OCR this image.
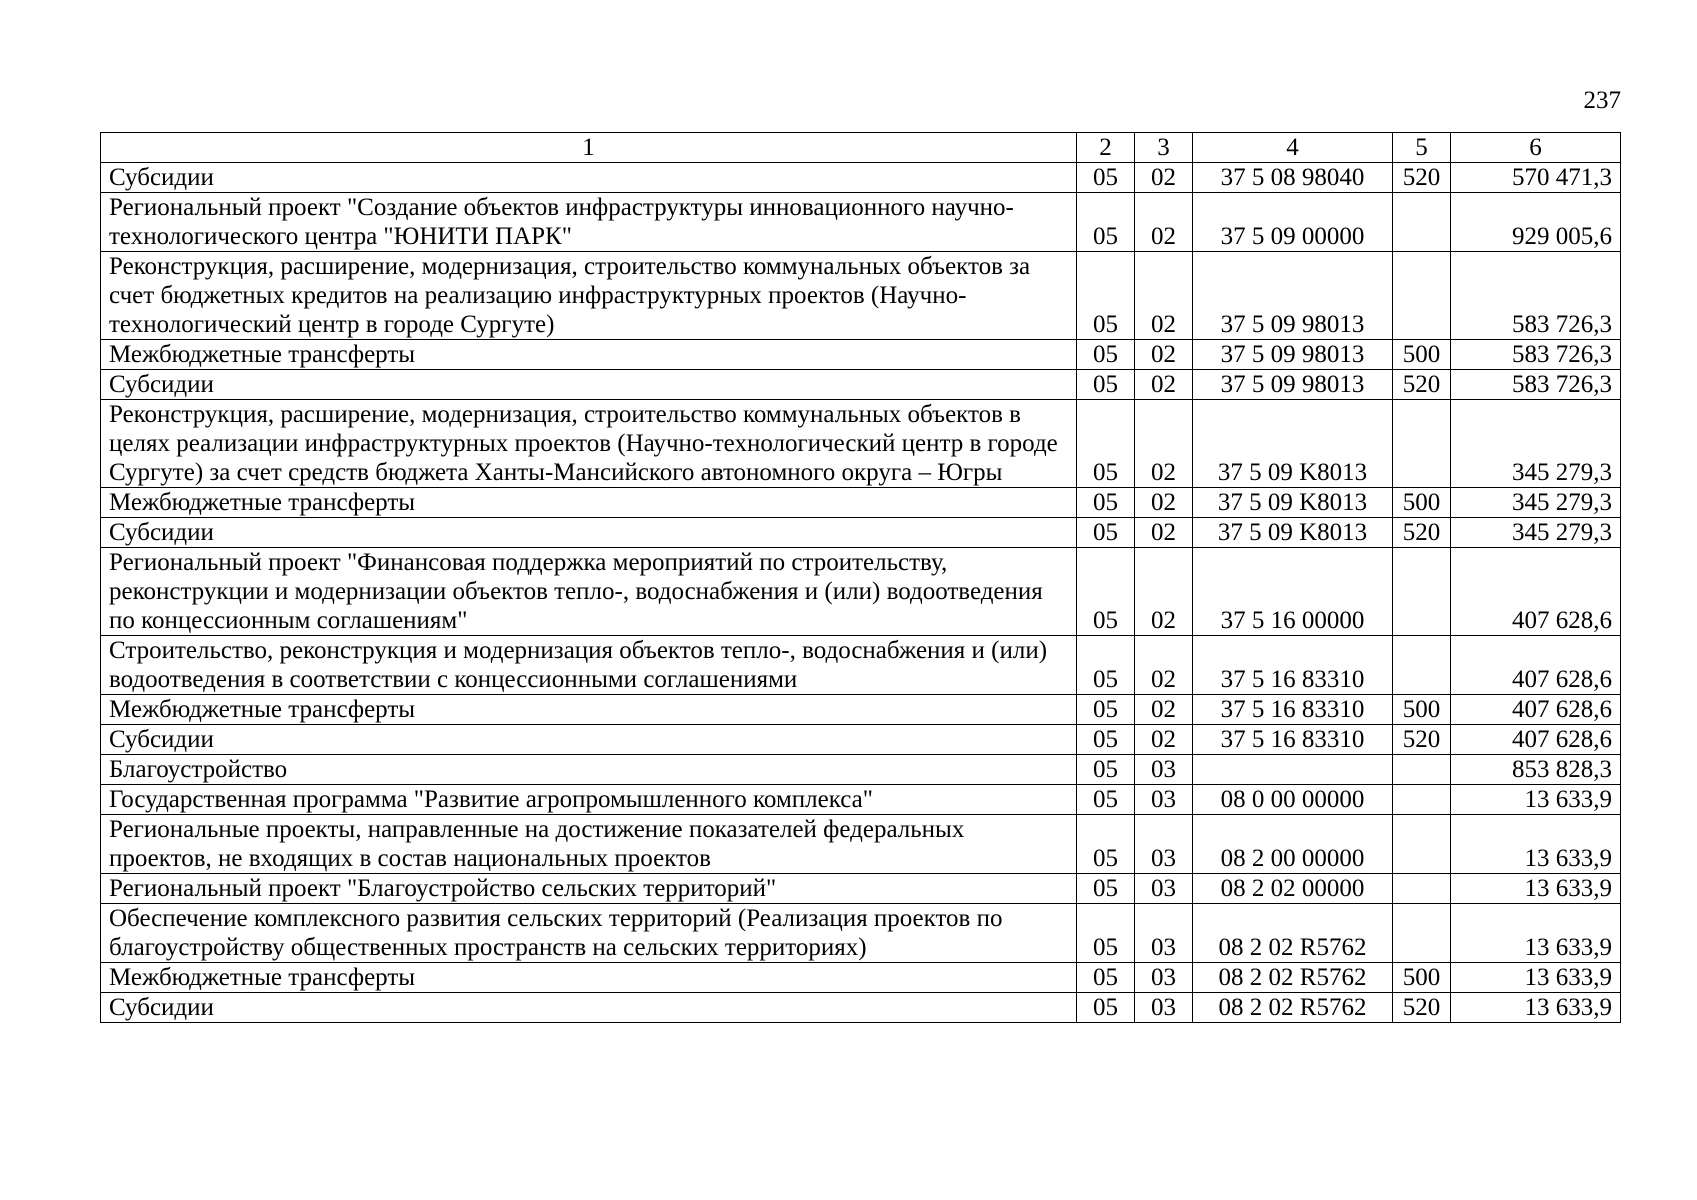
237
1	2	3	4	5	6
Субсидии	05	02	37 5 08 98040	520	570 471,3
Региональный проект "Создание объектов инфраструктуры инновационного научно-технологического центра "ЮНИТИ ПАРК"	05	02	37 5 09 00000		929 005,6
Реконструкция, расширение, модернизация, строительство коммунальных объектов за счет бюджетных кредитов на реализацию инфраструктурных проектов (Научно-технологический центр в городе Сургуте)	05	02	37 5 09 98013		583 726,3
Межбюджетные трансферты	05	02	37 5 09 98013	500	583 726,3
Субсидии	05	02	37 5 09 98013	520	583 726,3
Реконструкция, расширение, модернизация, строительство коммунальных объектов в целях реализации инфраструктурных проектов (Научно-технологический центр в городе Сургуте) за счет средств бюджета Ханты-Мансийского автономного округа – Югры	05	02	37 5 09 K8013		345 279,3
Межбюджетные трансферты	05	02	37 5 09 K8013	500	345 279,3
Субсидии	05	02	37 5 09 K8013	520	345 279,3
Региональный проект "Финансовая поддержка мероприятий по строительству, реконструкции и модернизации объектов тепло-, водоснабжения и (или) водоотведения по концессионным соглашениям"	05	02	37 5 16 00000		407 628,6
Строительство, реконструкция и модернизация объектов тепло-, водоснабжения и (или) водоотведения в соответствии с концессионными соглашениями	05	02	37 5 16 83310		407 628,6
Межбюджетные трансферты	05	02	37 5 16 83310	500	407 628,6
Субсидии	05	02	37 5 16 83310	520	407 628,6
Благоустройство	05	03			853 828,3
Государственная программа "Развитие агропромышленного комплекса"	05	03	08 0 00 00000		13 633,9
Региональные проекты, направленные на достижение показателей федеральных проектов, не входящих в состав национальных проектов	05	03	08 2 00 00000		13 633,9
Региональный проект "Благоустройство сельских территорий"	05	03	08 2 02 00000		13 633,9
Обеспечение комплексного развития сельских территорий (Реализация проектов по благоустройству общественных пространств на сельских территориях)	05	03	08 2 02 R5762		13 633,9
Межбюджетные трансферты	05	03	08 2 02 R5762	500	13 633,9
Субсидии	05	03	08 2 02 R5762	520	13 633,9
